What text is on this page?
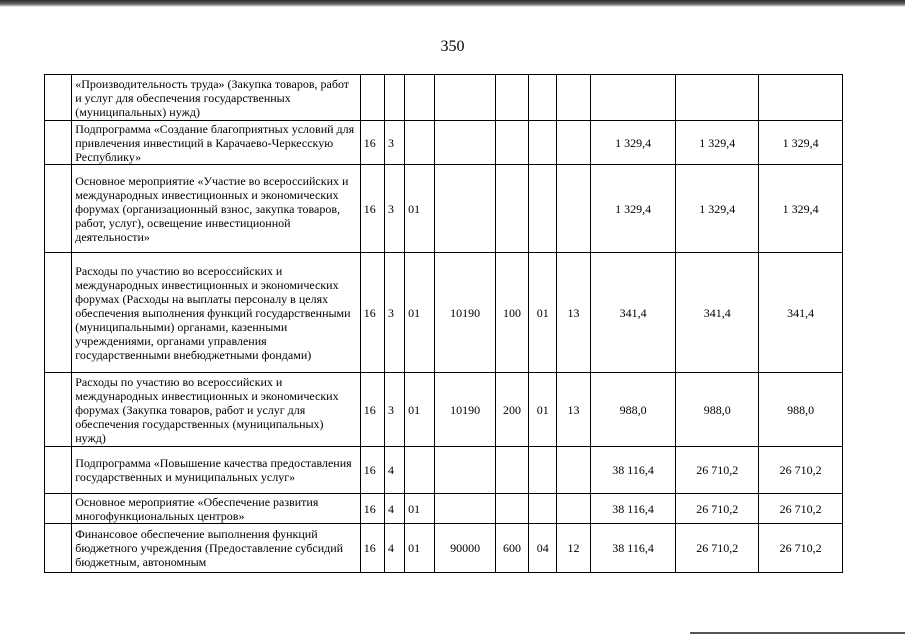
350
	«Производительность труда» (Закупка товаров, работ и услуг для обеспечения государственных (муниципальных) нужд)										
	Подпрограмма «Создание благоприятных условий для привлечения инвестиций в Карачаево-Черкесскую Республику»	16	3						1 329,4	1 329,4	1 329,4
	Основное мероприятие «Участие во всероссийских и международных инвестиционных и экономических форумах (организационный взнос, закупка товаров, работ, услуг), освещение инвестиционной деятельности»	16	3	01					1 329,4	1 329,4	1 329,4
	Расходы по участию во всероссийских и международных инвестиционных и экономических форумах (Расходы на выплаты персоналу в целях обеспечения выполнения функций государственными (муниципальными) органами, казенными учреждениями, органами управления государственными внебюджетными фондами)	16	3	01	10190	100	01	13	341,4	341,4	341,4
	Расходы по участию во всероссийских и международных инвестиционных и экономических форумах (Закупка товаров, работ и услуг для обеспечения государственных (муниципальных) нужд)	16	3	01	10190	200	01	13	988,0	988,0	988,0
	Подпрограмма «Повышение качества предоставления государственных и муниципальных услуг»	16	4						38 116,4	26 710,2	26 710,2
	Основное мероприятие «Обеспечение развития многофункциональных центров»	16	4	01					38 116,4	26 710,2	26 710,2
	Финансовое обеспечение выполнения функций бюджетного учреждения (Предоставление субсидий бюджетным, автономным	16	4	01	90000	600	04	12	38 116,4	26 710,2	26 710,2
